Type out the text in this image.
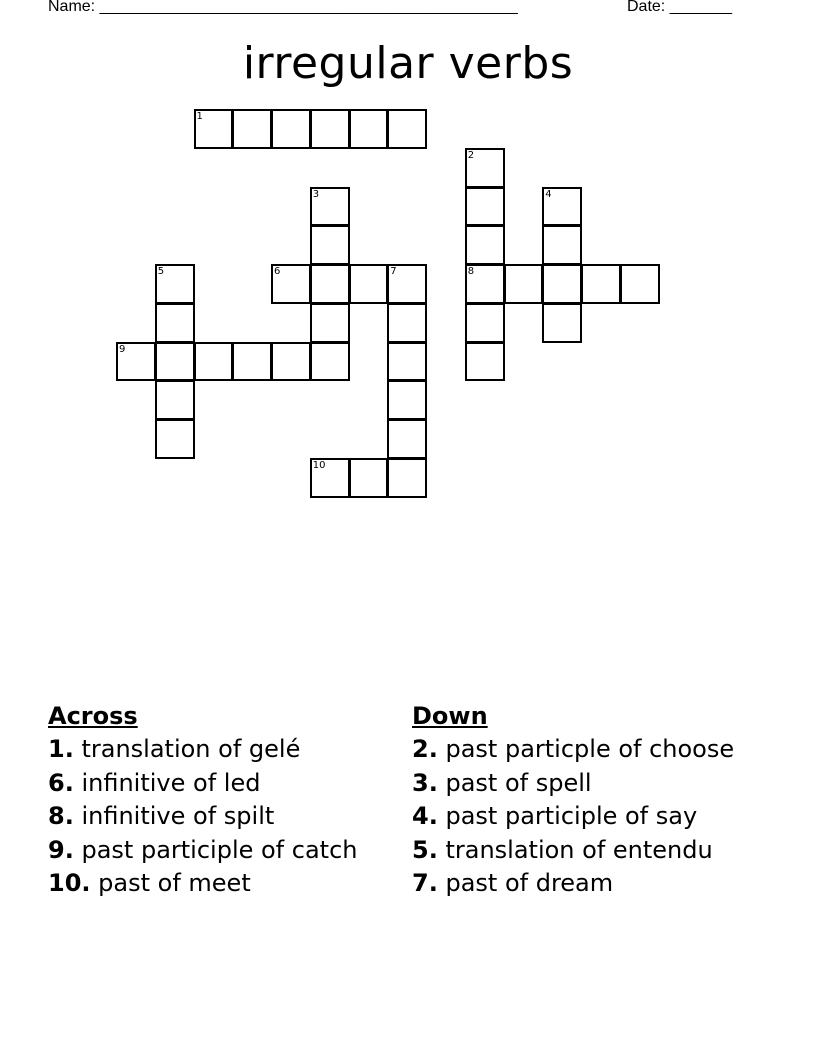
Name: _______________________________________________	Date: _______
irregular verbs
1
2
8
3	4
5	6	7
9
10
Across
1. translation of gelé
6. infinitive of led
8. infinitive of spilt
9. past participle of catch
10. past of meet
Down
2. past particple of choose
3. past of spell
4. past participle of say
5. translation of entendu
7. past of dream
